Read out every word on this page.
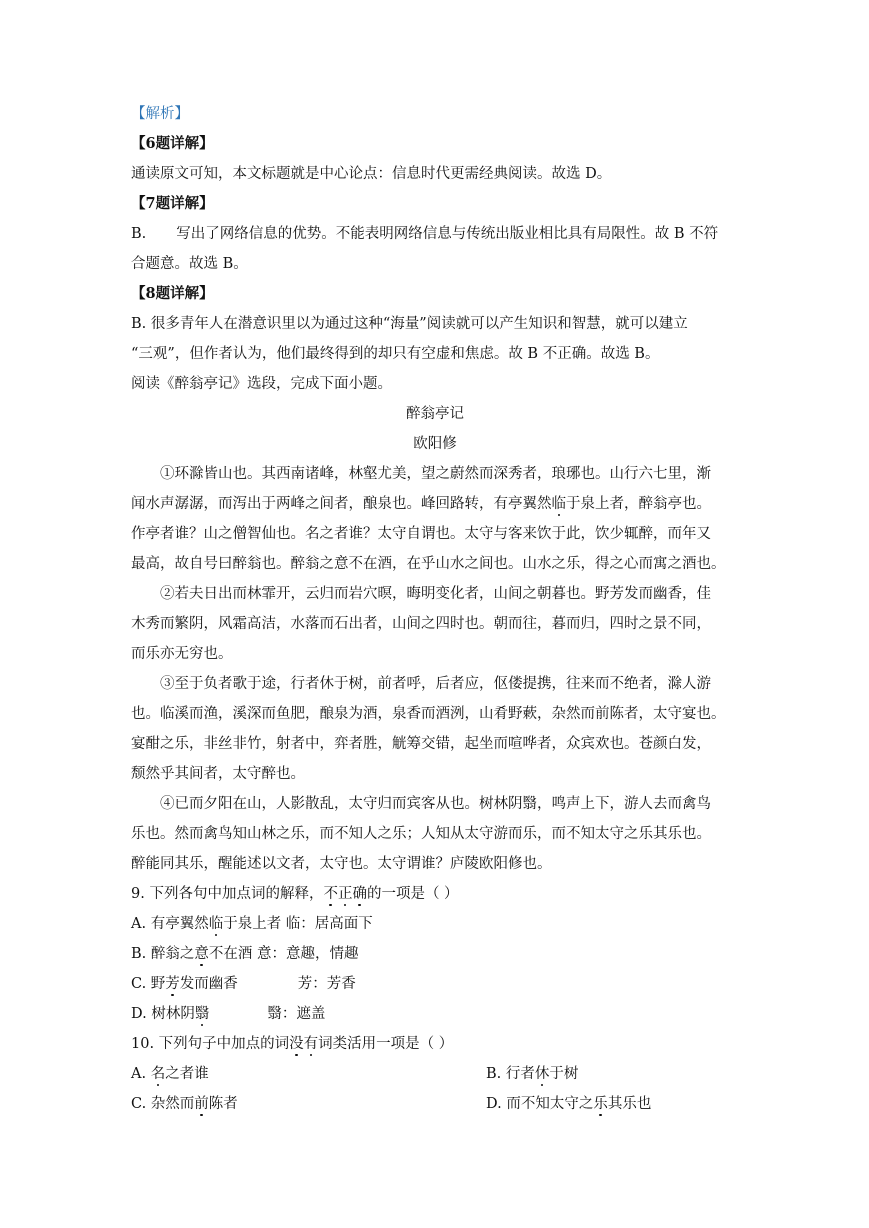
【解析】
【6题详解】
通读原文可知，本文标题就是中心论点：信息时代更需经典阅读。故选 D。
【7题详解】
B. 写出了网络信息的优势。不能表明网络信息与传统出版业相比具有局限性。故 B 不符
合题意。故选 B。
【8题详解】
B. 很多青年人在潜意识里以为通过这种“海量”阅读就可以产生知识和智慧，就可以建立
“三观”，但作者认为，他们最终得到的却只有空虚和焦虑。故 B 不正确。故选 B。
阅读《醉翁亭记》选段，完成下面小题。
醉翁亭记
欧阳修
①环滁皆山也。其西南诸峰，林壑尤美，望之蔚然而深秀者，琅琊也。山行六七里，渐
闻水声潺潺，而泻出于两峰之间者，酿泉也。峰回路转，有亭翼然临于泉上者，醉翁亭也。
作亭者谁？山之僧智仙也。名之者谁？太守自谓也。太守与客来饮于此，饮少辄醉，而年又
最高，故自号曰醉翁也。醉翁之意不在酒，在乎山水之间也。山水之乐，得之心而寓之酒也。
②若夫日出而林霏开，云归而岩穴暝，晦明变化者，山间之朝暮也。野芳发而幽香，佳
木秀而繁阴，风霜高洁，水落而石出者，山间之四时也。朝而往，暮而归，四时之景不同，
而乐亦无穷也。
③至于负者歌于途，行者休于树，前者呼，后者应，伛偻提携，往来而不绝者，滁人游
也。临溪而渔，溪深而鱼肥，酿泉为酒，泉香而酒洌，山肴野蔌，杂然而前陈者，太守宴也。
宴酣之乐，非丝非竹，射者中，弈者胜，觥筹交错，起坐而喧哗者，众宾欢也。苍颜白发，
颓然乎其间者，太守醉也。
④已而夕阳在山，人影散乱，太守归而宾客从也。树林阴翳，鸣声上下，游人去而禽鸟
乐也。然而禽鸟知山林之乐，而不知人之乐；人知从太守游而乐，而不知太守之乐其乐也。
醉能同其乐，醒能述以文者，太守也。太守谓谁？庐陵欧阳修也。
9. 下列各句中加点词的解释，不正确的一项是（ ）
A. 有亭翼然临于泉上者 临：居高面下
B. 醉翁之意不在酒 意：意趣，情趣
C. 野芳发而幽香	芳：芳香
D. 树林阴翳	翳：遮盖
10. 下列句子中加点的词没有词类活用一项是（ ）
A. 名之者谁	B. 行者休于树
C. 杂然而前陈者	D. 而不知太守之乐其乐也
